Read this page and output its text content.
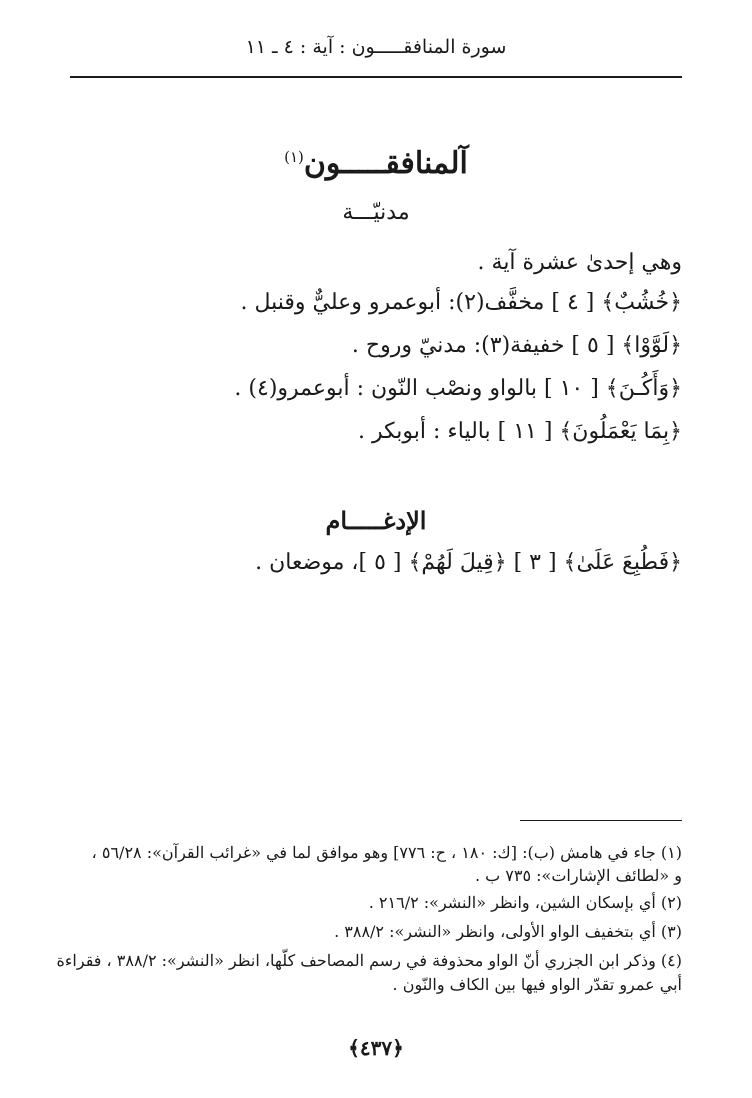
سورة المنافقـــــون : آية : ٤ ـ ١١
آلمنافقـــــون$^{(١)}$
مدنيّـــة
وهي إحدىٰ عشرة آية .
﴿خُشُبٌ﴾ [ ٤ ] مخفَّف(٢): أبوعمرو وعليٌّ وقنبل .
﴿لَوَّوْا﴾ [ ٥ ] خفيفة(٣): مدنيّ وروح .
﴿وَأَكُـنَ﴾ [ ١٠ ] بالواو ونصْب النّون : أبوعمرو(٤) .
﴿بِمَا يَعْمَلُونَ﴾ [ ١١ ] بالياء : أبوبكر .
الإدغـــــام
﴿فَطُبِعَ عَلَىٰ﴾ [ ٣ ] ﴿قِيلَ لَهُمْ﴾ [ ٥ ]، موضعان .
(١) جاء في هامش (ب): [ك: ١٨٠ ، ح: ٧٧٦] وهو موافق لما في «غرائب القرآن»: ٥٦/٢٨ ،
و «لطائف الإشارات»: ٧٣٥ ب .
(٢) أي بإسكان الشين، وانظر «النشر»: ٢١٦/٢ .
(٣) أي بتخفيف الواو الأولى، وانظر «النشر»: ٣٨٨/٢ .
(٤) وذكر ابن الجزري أنّ الواو محذوفة في رسم المصاحف كلّها، انظر «النشر»: ٣٨٨/٢ ، فقراءة
أبي عمرو تقدّر الواو فيها بين الكاف والنّون .
﴿٤٣٧﴾
